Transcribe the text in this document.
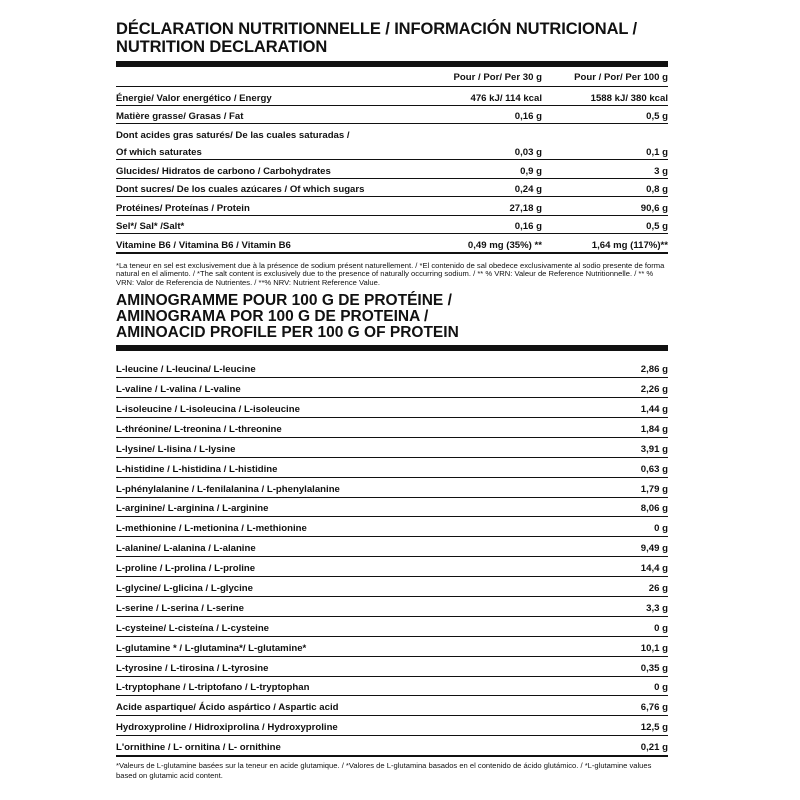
DÉCLARATION NUTRITIONNELLE / INFORMACIÓN NUTRICIONAL /
NUTRITION DECLARATION
	Pour / Por/ Per 30 g	Pour / Por/ Per 100 g
Énergie/ Valor energético / Energy	476 kJ/ 114 kcal	1588 kJ/ 380 kcal
Matière grasse/ Grasas / Fat	0,16 g	0,5 g
Dont acides gras saturés/ De las cuales saturadas /		
Of which saturates	0,03 g	0,1 g
Glucides/ Hidratos de carbono / Carbohydrates	0,9 g	3 g
Dont sucres/ De los cuales azúcares / Of which sugars	0,24 g	0,8 g
Protéines/ Proteínas / Protein	27,18 g	90,6 g
Sel*/ Sal* /Salt*	0,16 g	0,5 g
Vitamine B6 / Vitamina B6 / Vitamin B6	0,49 mg (35%) **	1,64 mg (117%)**
*La teneur en sel est exclusivement due à la présence de sodium présent naturellement. / *El contenido de sal obedece exclusivamente al sodio presente de forma natural en el alimento. / *The salt content is exclusively due to the presence of naturally occurring sodium. / ** % VRN: Valeur de Reference Nutritionnelle. / ** % VRN: Valor de Referencia de Nutrientes. / **% NRV: Nutrient Reference Value.
AMINOGRAMME POUR 100 G DE PROTÉINE /
AMINOGRAMA POR 100 G DE PROTEINA /
AMINOACID PROFILE PER 100 G OF PROTEIN
L-leucine / L-leucina/ L-leucine	2,86 g
L-valine / L-valina / L-valine	2,26 g
L-isoleucine / L-isoleucina / L-isoleucine	1,44 g
L-thréonine/ L-treonina / L-threonine	1,84 g
L-lysine/ L-lisina / L-lysine	3,91 g
L-histidine / L-histidina / L-histidine	0,63 g
L-phénylalanine / L-fenilalanina / L-phenylalanine	1,79 g
L-arginine/ L-arginina / L-arginine	8,06 g
L-methionine / L-metionina / L-methionine	0 g
L-alanine/ L-alanina / L-alanine	9,49 g
L-proline / L-prolina / L-proline	14,4 g
L-glycine/ L-glicina / L-glycine	26 g
L-serine / L-serina / L-serine	3,3 g
L-cysteine/ L-cisteína / L-cysteine	0 g
L-glutamine * / L-glutamina*/ L-glutamine*	10,1 g
L-tyrosine / L-tirosina / L-tyrosine	0,35 g
L-tryptophane / L-triptofano / L-tryptophan	0 g
Acide aspartique/ Ácido aspártico / Aspartic acid	6,76 g
Hydroxyproline / Hidroxiprolina / Hydroxyproline	12,5 g
L'ornithine / L- ornitina / L- ornithine	0,21 g
*Valeurs de L-glutamine basées sur la teneur en acide glutamique. / *Valores de L-glutamina basados en el contenido de ácido glutámico. / *L-glutamine values based on glutamic acid content.
